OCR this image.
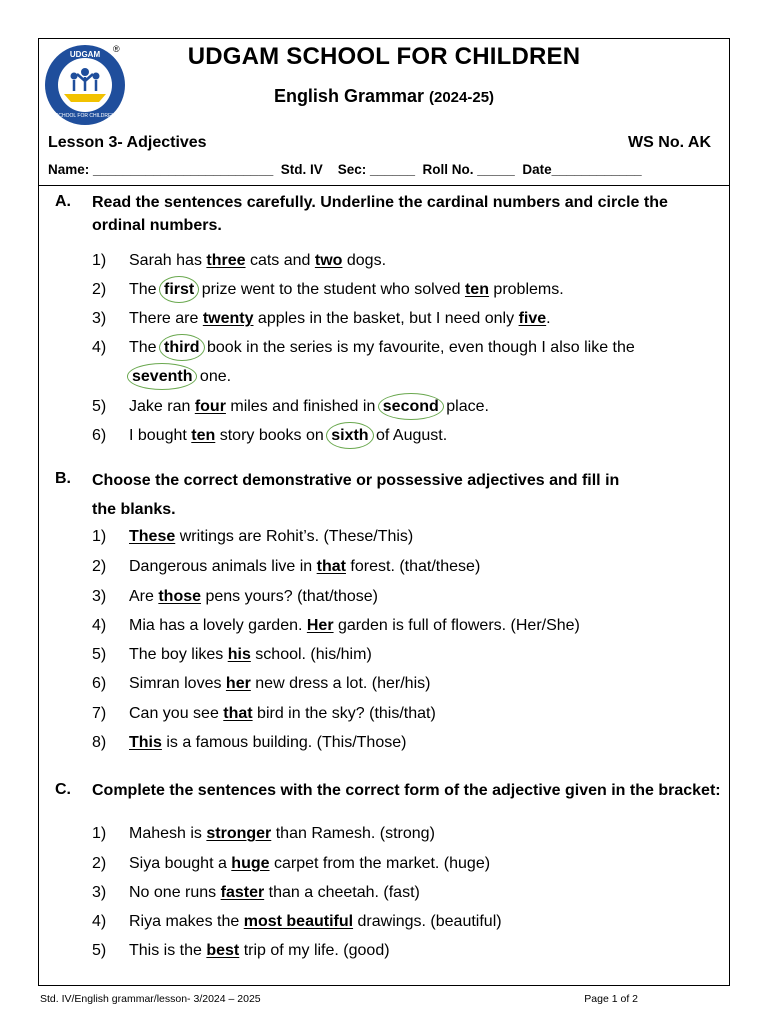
UDGAM
SCHOOL FOR CHILDREN
®	UDGAM SCHOOL FOR CHILDREN
English Grammar (2024-25)
Lesson 3- Adjectives	WS No. AK
Name: ________________________  Std. IV    Sec: ______  Roll No. _____  Date____________
A. Read the sentences carefully. Underline the cardinal numbers and circle the ordinal numbers.
1) Sarah has three cats and two dogs.
2) The first prize went to the student who solved ten problems.
3) There are twenty apples in the basket, but I need only five.
4) The third book in the series is my favourite, even though I also like the
seventh one.
5) Jake ran four miles and finished in second place.
6) I bought ten story books on sixth of August.
B. Choose the correct demonstrative or possessive adjectives and fill in
the blanks.
1) These writings are Rohit’s. (These/This)
2) Dangerous animals live in that forest. (that/these)
3) Are those pens yours? (that/those)
4) Mia has a lovely garden. Her garden is full of flowers. (Her/She)
5) The boy likes his school. (his/him)
6) Simran loves her new dress a lot. (her/his)
7) Can you see that bird in the sky? (this/that)
8) This is a famous building. (This/Those)
C. Complete the sentences with the correct form of the adjective given in the bracket:
1) Mahesh is stronger than Ramesh. (strong)
2) Siya bought a huge carpet from the market. (huge)
3) No one runs faster than a cheetah. (fast)
4) Riya makes the most beautiful drawings. (beautiful)
5) This is the best trip of my life. (good)
Std. IV/English grammar/lesson- 3/2024 – 2025	Page 1 of 2
